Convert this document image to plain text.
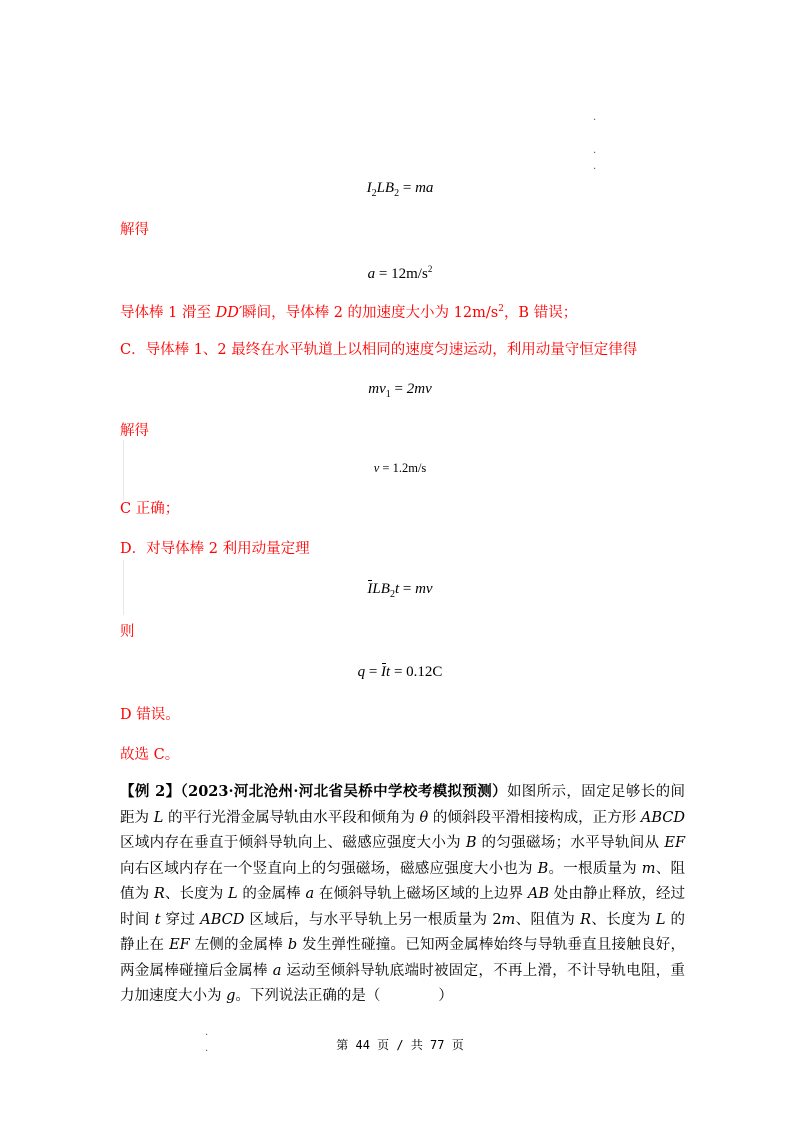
·
·
·
·
·
$I_2LB_2$ = ma
解得
$a = 12m/s^2$
导体棒 1 滑至 DD′瞬间，导体棒 2 的加速度大小为 $12m/s^2$，B 错误；
C．导体棒 1、2 最终在水平轨道上以相同的速度匀速运动，利用动量守恒定律得
$mv_1 = 2mv$
解得
v = 1.2m/s
C 正确；
D．对导体棒 2 利用动量定理
$ILB_2t$ = mv
则
q = It = 0.12C
D 错误。
故选 C。
【例 2】（2023·河北沧州·河北省吴桥中学校考模拟预测）如图所示，固定足够长的间距为 L 的平行光滑金属导轨由水平段和倾角为 θ 的倾斜段平滑相接构成，正方形 ABCD 区域内存在垂直于倾斜导轨向上、磁感应强度大小为 B 的匀强磁场；水平导轨间从 EF 向右区域内存在一个竖直向上的匀强磁场，磁感应强度大小也为 B。一根质量为 m、阻值为 R、长度为 L 的金属棒 a 在倾斜导轨上磁场区域的上边界 AB 处由静止释放，经过时间 t 穿过 ABCD 区域后，与水平导轨上另一根质量为 2m、阻值为 R、长度为 L 的静止在 EF 左侧的金属棒 b 发生弹性碰撞。已知两金属棒始终与导轨垂直且接触良好，两金属棒碰撞后金属棒 a 运动至倾斜导轨底端时被固定，不再上滑，不计导轨电阻，重力加速度大小为 g。下列说法正确的是（　　　　）
第 44 页 / 共 77 页
